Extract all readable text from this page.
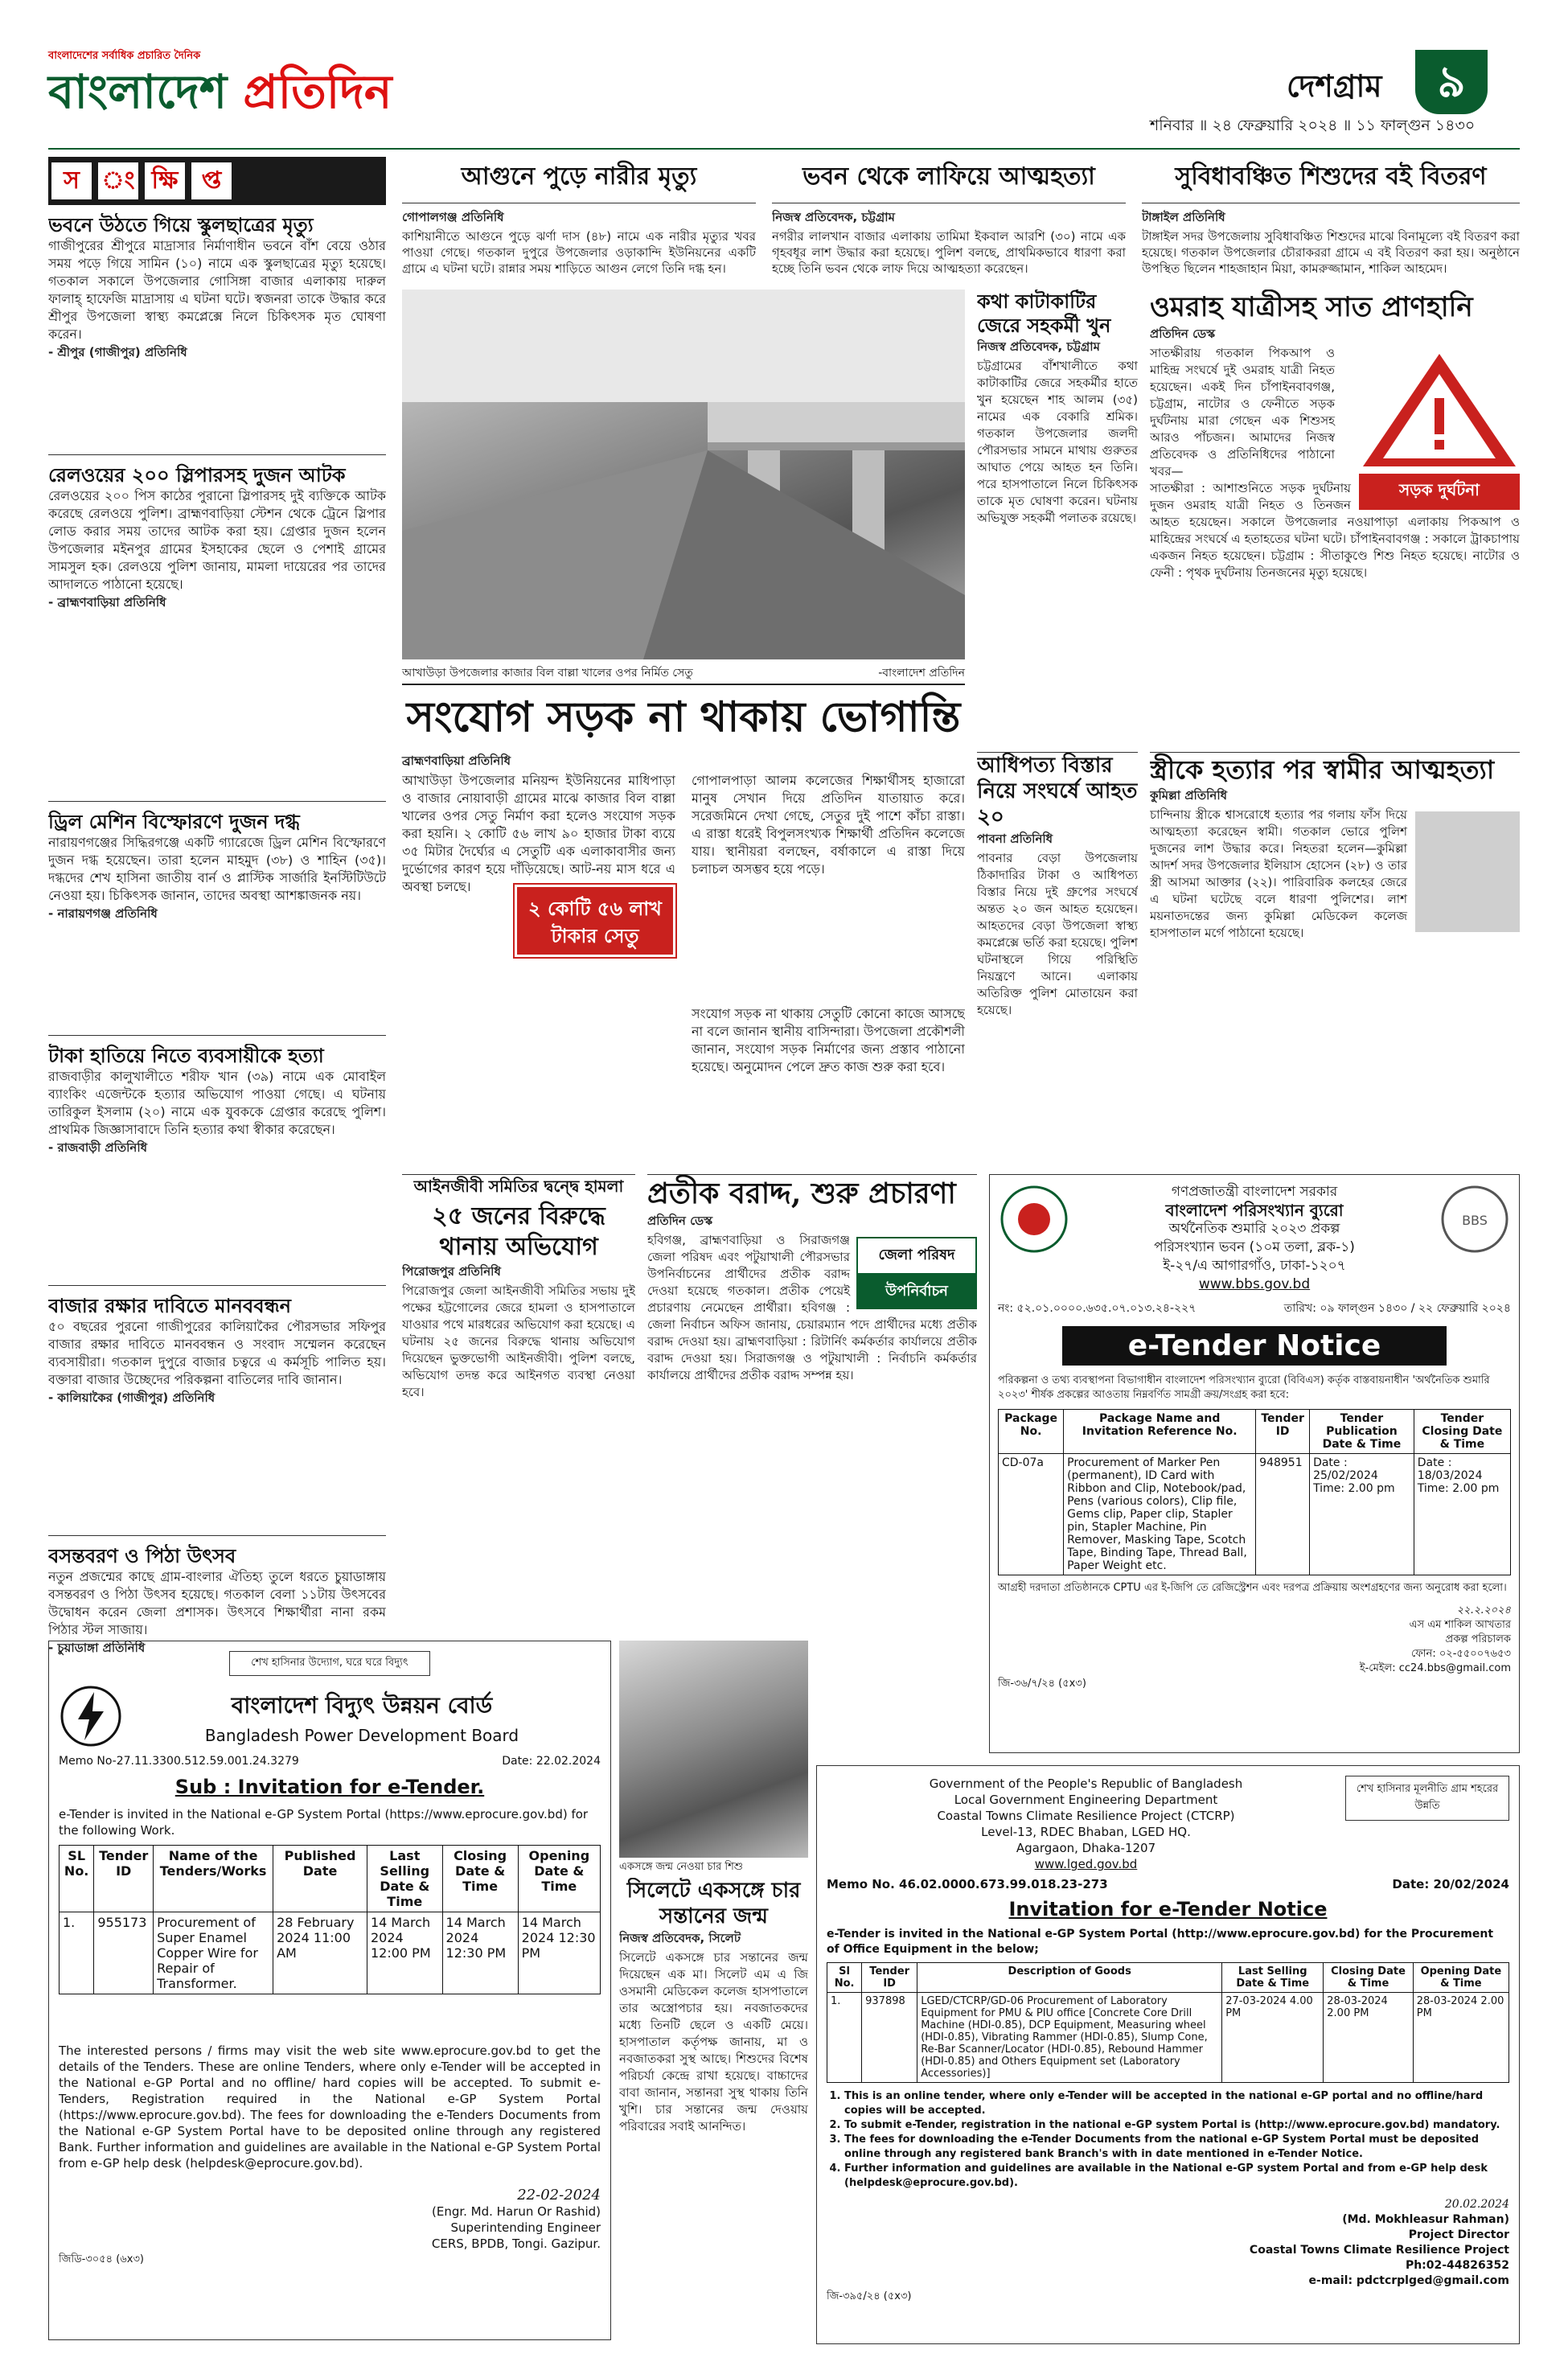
বাংলাদেশের সর্বাধিক প্রচারিত দৈনিক
বাংলাদেশ প্রতিদিন	দেশগ্রাম	৯
শনিবার ॥ ২৪ ফেব্রুয়ারি ২০২৪ ॥ ১১ ফাল্গুন ১৪৩০
স ং ক্ষি প্ত
ভবনে উঠতে গিয়ে স্কুলছাত্রের মৃত্যু
গাজীপুরের শ্রীপুরে মাদ্রাসার নির্মাণাধীন ভবনে বাঁশ বেয়ে ওঠার সময় পড়ে গিয়ে সামিন (১০) নামে এক স্কুলছাত্রের মৃত্যু হয়েছে। গতকাল সকালে উপজেলার গোসিঙ্গা বাজার এলাকায় দারুল ফালাহ্ হাফেজি মাদ্রাসায় এ ঘটনা ঘটে। স্বজনরা তাকে উদ্ধার করে শ্রীপুর উপজেলা স্বাস্থ্য কমপ্লেক্সে নিলে চিকিৎসক মৃত ঘোষণা করেন।
- শ্রীপুর (গাজীপুর) প্রতিনিধি
রেলওয়ের ২০০ স্লিপারসহ দুজন আটক
রেলওয়ের ২০০ পিস কাঠের পুরানো স্লিপারসহ দুই ব্যক্তিকে আটক করেছে রেলওয়ে পুলিশ। ব্রাহ্মণবাড়িয়া স্টেশন থেকে ট্রেনে স্লিপার লোড করার সময় তাদের আটক করা হয়। গ্রেপ্তার দুজন হলেন উপজেলার মইনপুর গ্রামের ইসহাকের ছেলে ও পেশাই গ্রামের সামসুল হক। রেলওয়ে পুলিশ জানায়, মামলা দায়েরের পর তাদের আদালতে পাঠানো হয়েছে।
- ব্রাহ্মণবাড়িয়া প্রতিনিধি
ড্রিল মেশিন বিস্ফোরণে দুজন দগ্ধ
নারায়ণগঞ্জের সিদ্ধিরগঞ্জে একটি গ্যারেজে ড্রিল মেশিন বিস্ফোরণে দুজন দগ্ধ হয়েছেন। তারা হলেন মাহমুদ (৩৮) ও শাহিন (৩৫)। দগ্ধদের শেখ হাসিনা জাতীয় বার্ন ও প্লাস্টিক সার্জারি ইনস্টিটিউটে নেওয়া হয়। চিকিৎসক জানান, তাদের অবস্থা আশঙ্কাজনক নয়।
- নারায়ণগঞ্জ প্রতিনিধি
টাকা হাতিয়ে নিতে ব্যবসায়ীকে হত্যা
রাজবাড়ীর কালুখালীতে শরীফ খান (৩৯) নামে এক মোবাইল ব্যাংকিং এজেন্টকে হত্যার অভিযোগ পাওয়া গেছে। এ ঘটনায় তারিকুল ইসলাম (২০) নামে এক যুবককে গ্রেপ্তার করেছে পুলিশ। প্রাথমিক জিজ্ঞাসাবাদে তিনি হত্যার কথা স্বীকার করেছেন।
- রাজবাড়ী প্রতিনিধি
বাজার রক্ষার দাবিতে মানববন্ধন
৫০ বছরের পুরনো গাজীপুরের কালিয়াকৈর পৌরসভার সফিপুর বাজার রক্ষার দাবিতে মানববন্ধন ও সংবাদ সম্মেলন করেছেন ব্যবসায়ীরা। গতকাল দুপুরে বাজার চত্বরে এ কর্মসূচি পালিত হয়। বক্তারা বাজার উচ্ছেদের পরিকল্পনা বাতিলের দাবি জানান।
- কালিয়াকৈর (গাজীপুর) প্রতিনিধি
বসন্তবরণ ও পিঠা উৎসব
নতুন প্রজন্মের কাছে গ্রাম-বাংলার ঐতিহ্য তুলে ধরতে চুয়াডাঙ্গায় বসন্তবরণ ও পিঠা উৎসব হয়েছে। গতকাল বেলা ১১টায় উৎসবের উদ্বোধন করেন জেলা প্রশাসক। উৎসবে শিক্ষার্থীরা নানা রকম পিঠার স্টল সাজায়।
- চুয়াডাঙ্গা প্রতিনিধি
আগুনে পুড়ে নারীর মৃত্যু
গোপালগঞ্জ প্রতিনিধি
কাশিয়ানীতে আগুনে পুড়ে ঝর্ণা দাস (৪৮) নামে এক নারীর মৃত্যুর খবর পাওয়া গেছে। গতকাল দুপুরে উপজেলার ওড়াকান্দি ইউনিয়নের একটি গ্রামে এ ঘটনা ঘটে। রান্নার সময় শাড়িতে আগুন লেগে তিনি দগ্ধ হন।
ভবন থেকে লাফিয়ে আত্মহত্যা
নিজস্ব প্রতিবেদক, চট্টগ্রাম
নগরীর লালখান বাজার এলাকায় তামিমা ইকবাল আরশি (৩০) নামে এক গৃহবধূর লাশ উদ্ধার করা হয়েছে। পুলিশ বলছে, প্রাথমিকভাবে ধারণা করা হচ্ছে তিনি ভবন থেকে লাফ দিয়ে আত্মহত্যা করেছেন।
সুবিধাবঞ্চিত শিশুদের বই বিতরণ
টাঙ্গাইল প্রতিনিধি
টাঙ্গাইল সদর উপজেলায় সুবিধাবঞ্চিত শিশুদের মাঝে বিনামূল্যে বই বিতরণ করা হয়েছে। গতকাল উপজেলার চৌরাকররা গ্রামে এ বই বিতরণ করা হয়। অনুষ্ঠানে উপস্থিত ছিলেন শাহজাহান মিয়া, কামরুজ্জামান, শাকিল আহমেদ।
আখাউড়া উপজেলার কাজার বিল বাল্লা খালের ওপর নির্মিত সেতু	-বাংলাদেশ প্রতিদিন
কথা কাটাকাটির জেরে সহকর্মী খুন
নিজস্ব প্রতিবেদক, চট্টগ্রাম
চট্টগ্রামের বাঁশখালীতে কথা কাটাকাটির জেরে সহকর্মীর হাতে খুন হয়েছেন শাহ আলম (৩৫) নামের এক বেকারি শ্রমিক। গতকাল উপজেলার জলদী পৌরসভার সামনে মাথায় গুরুতর আঘাত পেয়ে আহত হন তিনি। পরে হাসপাতালে নিলে চিকিৎসক তাকে মৃত ঘোষণা করেন। ঘটনায় অভিযুক্ত সহকর্মী পলাতক রয়েছে।
ওমরাহ যাত্রীসহ সাত প্রাণহানি
প্রতিদিন ডেস্ক
সাতক্ষীরায় গতকাল পিকআপ ও মাহিন্দ্র সংঘর্ষে দুই ওমরাহ যাত্রী নিহত হয়েছেন। একই দিন চাঁপাইনবাবগঞ্জ, চট্টগ্রাম, নাটোর ও ফেনীতে সড়ক দুর্ঘটনায় মারা গেছেন এক শিশুসহ আরও পাঁচজন। আমাদের নিজস্ব প্রতিবেদক ও প্রতিনিধিদের পাঠানো খবর—
সড়ক দুর্ঘটনা
সাতক্ষীরা : আশাশুনিতে সড়ক দুর্ঘটনায় দুজন ওমরাহ যাত্রী নিহত ও তিনজন আহত হয়েছেন। সকালে উপজেলার নওয়াপাড়া এলাকায় পিকআপ ও মাহিন্দ্রের সংঘর্ষে এ হতাহতের ঘটনা ঘটে। চাঁপাইনবাবগঞ্জ : সকালে ট্রাকচাপায় একজন নিহত হয়েছেন। চট্টগ্রাম : সীতাকুণ্ডে শিশু নিহত হয়েছে। নাটোর ও ফেনী : পৃথক দুর্ঘটনায় তিনজনের মৃত্যু হয়েছে।
সংযোগ সড়ক না থাকায় ভোগান্তি
ব্রাহ্মণবাড়িয়া প্রতিনিধি
আখাউড়া উপজেলার মনিয়ন্দ ইউনিয়নের মাধিপাড়া ও বাজার নোয়াবাড়ী গ্রামের মাঝে কাজার বিল বাল্লা খালের ওপর সেতু নির্মাণ করা হলেও সংযোগ সড়ক করা হয়নি। ২ কোটি ৫৬ লাখ ৯০ হাজার টাকা ব্যয়ে ৩৫ মিটার দৈর্ঘ্যের এ সেতুটি এক এলাকাবাসীর জন্য দুর্ভোগের কারণ হয়ে দাঁড়িয়েছে। আট-নয় মাস ধরে এ অবস্থা চলছে।
২ কোটি ৫৬ লাখ টাকার সেতু
গোপালপাড়া আলম কলেজের শিক্ষার্থীসহ হাজারো মানুষ সেখান দিয়ে প্রতিদিন যাতায়াত করে। সরেজমিনে দেখা গেছে, সেতুর দুই পাশে কাঁচা রাস্তা। এ রাস্তা ধরেই বিপুলসংখ্যক শিক্ষার্থী প্রতিদিন কলেজে যায়। স্থানীয়রা বলছেন, বর্ষাকালে এ রাস্তা দিয়ে চলাচল অসম্ভব হয়ে পড়ে।
সংযোগ সড়ক না থাকায় সেতুটি কোনো কাজে আসছে না বলে জানান স্থানীয় বাসিন্দারা। উপজেলা প্রকৌশলী জানান, সংযোগ সড়ক নির্মাণের জন্য প্রস্তাব পাঠানো হয়েছে। অনুমোদন পেলে দ্রুত কাজ শুরু করা হবে।
আধিপত্য বিস্তার নিয়ে সংঘর্ষে আহত ২০
পাবনা প্রতিনিধি
পাবনার বেড়া উপজেলায় ঠিকাদারির টাকা ও আধিপত্য বিস্তার নিয়ে দুই গ্রুপের সংঘর্ষে অন্তত ২০ জন আহত হয়েছেন। আহতদের বেড়া উপজেলা স্বাস্থ্য কমপ্লেক্সে ভর্তি করা হয়েছে। পুলিশ ঘটনাস্থলে গিয়ে পরিস্থিতি নিয়ন্ত্রণে আনে। এলাকায় অতিরিক্ত পুলিশ মোতায়েন করা হয়েছে।
স্ত্রীকে হত্যার পর স্বামীর আত্মহত্যা
কুমিল্লা প্রতিনিধি
চান্দিনায় স্ত্রীকে শ্বাসরোধে হত্যার পর গলায় ফাঁস দিয়ে আত্মহত্যা করেছেন স্বামী। গতকাল ভোরে পুলিশ দুজনের লাশ উদ্ধার করে। নিহতরা হলেন—কুমিল্লা আদর্শ সদর উপজেলার ইলিয়াস হোসেন (২৮) ও তার স্ত্রী আসমা আক্তার (২২)। পারিবারিক কলহের জেরে এ ঘটনা ঘটেছে বলে ধারণা পুলিশের। লাশ ময়নাতদন্তের জন্য কুমিল্লা মেডিকেল কলেজ হাসপাতাল মর্গে পাঠানো হয়েছে।
আইনজীবী সমিতির দ্বন্দ্বে হামলা
২৫ জনের বিরুদ্ধে থানায় অভিযোগ
পিরোজপুর প্রতিনিধি
পিরোজপুর জেলা আইনজীবী সমিতির সভায় দুই পক্ষের হট্টগোলের জেরে হামলা ও হাসপাতালে যাওয়ার পথে মারধরের অভিযোগ করা হয়েছে। এ ঘটনায় ২৫ জনের বিরুদ্ধে থানায় অভিযোগ দিয়েছেন ভুক্তভোগী আইনজীবী। পুলিশ বলছে, অভিযোগ তদন্ত করে আইনগত ব্যবস্থা নেওয়া হবে।
প্রতীক বরাদ্দ, শুরু প্রচারণা
প্রতিদিন ডেস্ক
জেলা পরিষদ
উপনির্বাচন
হবিগঞ্জ, ব্রাহ্মণবাড়িয়া ও সিরাজগঞ্জ জেলা পরিষদ এবং পটুয়াখালী পৌরসভার উপনির্বাচনের প্রার্থীদের প্রতীক বরাদ্দ দেওয়া হয়েছে গতকাল। প্রতীক পেয়েই প্রচারণায় নেমেছেন প্রার্থীরা। হবিগঞ্জ : জেলা নির্বাচন অফিস জানায়, চেয়ারম্যান পদে প্রার্থীদের মধ্যে প্রতীক বরাদ্দ দেওয়া হয়। ব্রাহ্মণবাড়িয়া : রিটার্নিং কর্মকর্তার কার্যালয়ে প্রতীক বরাদ্দ দেওয়া হয়। সিরাজগঞ্জ ও পটুয়াখালী : নির্বাচনি কর্মকর্তার কার্যালয়ে প্রার্থীদের প্রতীক বরাদ্দ সম্পন্ন হয়।
গণপ্রজাতন্ত্রী বাংলাদেশ সরকার
বাংলাদেশ পরিসংখ্যান ব্যুরো
অর্থনৈতিক শুমারি ২০২৩ প্রকল্প
পরিসংখ্যান ভবন (১০ম তলা, ব্লক-১)
ই-২৭/এ আগারগাঁও, ঢাকা-১২০৭
www.bbs.gov.bd
BBS
নং: ৫২.০১.০০০০.৬৩৫.০৭.০১৩.২৪-২২৭	তারিখ: ০৯ ফাল্গুন ১৪৩০ / ২২ ফেব্রুয়ারি ২০২৪
e-Tender Notice
পরিকল্পনা ও তথ্য ব্যবস্থাপনা বিভাগাধীন বাংলাদেশ পরিসংখ্যান ব্যুরো (বিবিএস) কর্তৃক বাস্তবায়নাধীন 'অর্থনৈতিক শুমারি ২০২৩' শীর্ষক প্রকল্পের আওতায় নিম্নবর্ণিত সামগ্রী ক্রয়/সংগ্রহ করা হবে:
Package No.	Package Name and Invitation Reference No.	Tender ID	Tender Publication Date & Time	Tender Closing Date & Time
CD-07a	Procurement of Marker Pen (permanent), ID Card with Ribbon and Clip, Notebook/pad, Pens (various colors), Clip file, Gems clip, Paper clip, Stapler pin, Stapler Machine, Pin Remover, Masking Tape, Scotch Tape, Binding Tape, Thread Ball, Paper Weight etc.	948951	Date : 25/02/2024 Time: 2.00 pm	Date : 18/03/2024 Time: 2.00 pm
আগ্রহী দরদাতা প্রতিষ্ঠানকে CPTU এর ই-জিপি তে রেজিস্ট্রেশন এবং দরপত্র প্রক্রিয়ায় অংশগ্রহণের জন্য অনুরোধ করা হলো।
২২.২.২০২৪
এস এম শাকিল আখতার
প্রকল্প পরিচালক
ফোন: ০২-৫৫০০৭৬৫৩
ই-মেইল: cc24.bbs@gmail.com
জি-৩৬/৭/২৪ (৫x৩)
একসঙ্গে জন্ম নেওয়া চার শিশু
সিলেটে একসঙ্গে চার সন্তানের জন্ম
নিজস্ব প্রতিবেদক, সিলেট
সিলেটে একসঙ্গে চার সন্তানের জন্ম দিয়েছেন এক মা। সিলেট এম এ জি ওসমানী মেডিকেল কলেজ হাসপাতালে তার অস্ত্রোপচার হয়। নবজাতকদের মধ্যে তিনটি ছেলে ও একটি মেয়ে। হাসপাতাল কর্তৃপক্ষ জানায়, মা ও নবজাতকরা সুস্থ আছে। শিশুদের বিশেষ পরিচর্যা কেন্দ্রে রাখা হয়েছে। বাচ্চাদের বাবা জানান, সন্তানরা সুস্থ থাকায় তিনি খুশি। চার সন্তানের জন্ম দেওয়ায় পরিবারের সবাই আনন্দিত।
শেখ হাসিনার উদ্যোগ, ঘরে ঘরে বিদ্যুৎ
বাংলাদেশ বিদ্যুৎ উন্নয়ন বোর্ড
Bangladesh Power Development Board
Memo No-27.11.3300.512.59.001.24.3279	Date: 22.02.2024
Sub : Invitation for e-Tender.
e-Tender is invited in the National e-GP System Portal (https://www.eprocure.gov.bd) for the following Work.
SL No.	Tender ID	Name of the Tenders/Works	Published Date	Last Selling Date & Time	Closing Date & Time	Opening Date & Time
1.	955173	Procurement of Super Enamel Copper Wire for Repair of Transformer.	28 February 2024 11:00 AM	14 March 2024 12:00 PM	14 March 2024 12:30 PM	14 March 2024 12:30 PM
The interested persons / firms may visit the web site www.eprocure.gov.bd to get the details of the Tenders. These are online Tenders, where only e-Tender will be accepted in the National e-GP Portal and no offline/ hard copies will be accepted. To submit e-Tenders, Registration required in the National e-GP System Portal (https://www.eprocure.gov.bd). The fees for downloading the e-Tenders Documents from the National e-GP System Portal have to be deposited online through any registered Bank. Further information and guidelines are available in the National e-GP System Portal from e-GP help desk (helpdesk@eprocure.gov.bd).
22-02-2024
(Engr. Md. Harun Or Rashid)
Superintending Engineer
CERS, BPDB, Tongi. Gazipur.
জিডি-৩০৫৪ (৬x৩)
Government of the People's Republic of Bangladesh
Local Government Engineering Department
Coastal Towns Climate Resilience Project (CTCRP)
Level-13, RDEC Bhaban, LGED HQ.
Agargaon, Dhaka-1207
www.lged.gov.bd
শেখ হাসিনার মূলনীতি গ্রাম শহরের উন্নতি
Memo No. 46.02.0000.673.99.018.23-273	Date: 20/02/2024
Invitation for e-Tender Notice
e-Tender is invited in the National e-GP System Portal (http://www.eprocure.gov.bd) for the Procurement of Office Equipment in the below;
Sl No.	Tender ID	Description of Goods	Last Selling Date & Time	Closing Date & Time	Opening Date & Time
1.	937898	LGED/CTCRP/GD-06 Procurement of Laboratory Equipment for PMU & PIU office [Concrete Core Drill Machine (HDI-0.85), DCP Equipment, Measuring wheel (HDI-0.85), Vibrating Rammer (HDI-0.85), Slump Cone, Re-Bar Scanner/Locator (HDI-0.85), Rebound Hammer (HDI-0.85) and Others Equipment set (Laboratory Accessories)]	27-03-2024 4.00 PM	28-03-2024 2.00 PM	28-03-2024 2.00 PM
1. This is an online tender, where only e-Tender will be accepted in the national e-GP portal and no offline/hard copies will be accepted.
2. To submit e-Tender, registration in the national e-GP system Portal is (http://www.eprocure.gov.bd) mandatory.
3. The fees for downloading the e-Tender Documents from the national e-GP System Portal must be deposited online through any registered bank Branch's with in date mentioned in e-Tender Notice.
4. Further information and guidelines are available in the National e-GP system Portal and from e-GP help desk (helpdesk@eprocure.gov.bd).
20.02.2024
(Md. Mokhleasur Rahman)
Project Director
Coastal Towns Climate Resilience Project
Ph:02-44826352
e-mail: pdctcrplged@gmail.com
জি-৩৯৫/২৪ (৫x৩)
